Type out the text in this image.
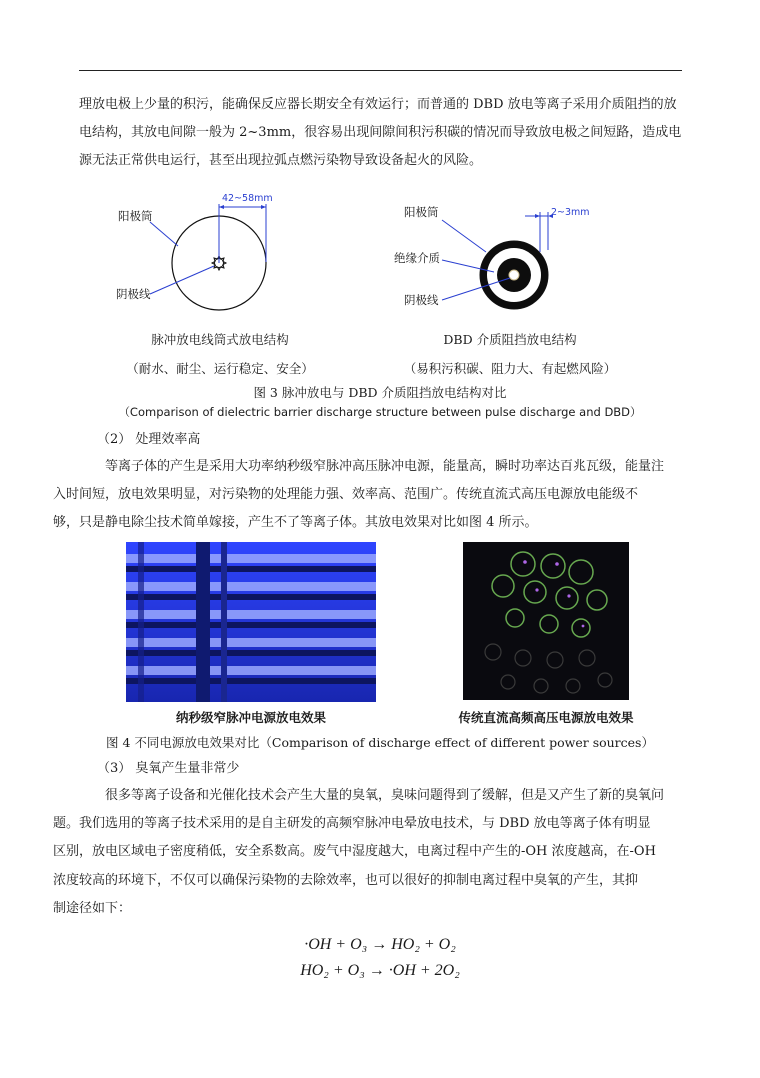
理放电极上少量的积污，能确保反应器长期安全有效运行；而普通的 DBD 放电等离子采用介质阻挡的放
电结构，其放电间隙一般为 2~3mm，很容易出现间隙间积污积碳的情况而导致放电极之间短路，造成电
源无法正常供电运行，甚至出现拉弧点燃污染物导致设备起火的风险。
阳极筒
42~58mm
阴极线
阳极筒	2~3mm
绝缘介质
阴极线
脉冲放电线筒式放电结构	DBD 介质阻挡放电结构
（耐水、耐尘、运行稳定、安全）	（易积污积碳、阻力大、有起燃风险）
图 3 脉冲放电与 DBD 介质阻挡放电结构对比
（Comparison of dielectric barrier discharge structure between pulse discharge and DBD）
（2） 处理效率高
等离子体的产生是采用大功率纳秒级窄脉冲高压脉冲电源，能量高，瞬时功率达百兆瓦级，能量注
入时间短，放电效果明显，对污染物的处理能力强、效率高、范围广。传统直流式高压电源放电能级不
够，只是静电除尘技术简单嫁接，产生不了等离子体。其放电效果对比如图 4 所示。
纳秒级窄脉冲电源放电效果	传统直流高频高压电源放电效果
图 4 不同电源放电效果对比（Comparison of discharge effect of different power sources）
（3） 臭氧产生量非常少
很多等离子设备和光催化技术会产生大量的臭氧，臭味问题得到了缓解，但是又产生了新的臭氧问
题。我们选用的等离子技术采用的是自主研发的高频窄脉冲电晕放电技术，与 DBD 放电等离子体有明显
区别，放电区域电子密度稍低，安全系数高。废气中湿度越大，电离过程中产生的-OH 浓度越高，在-OH
浓度较高的环境下，不仅可以确保污染物的去除效率，也可以很好的抑制电离过程中臭氧的产生，其抑
制途径如下：
·OH + O₃ → HO₂ + O₂
HO₂ + O₃ → ·OH + 2O₂
